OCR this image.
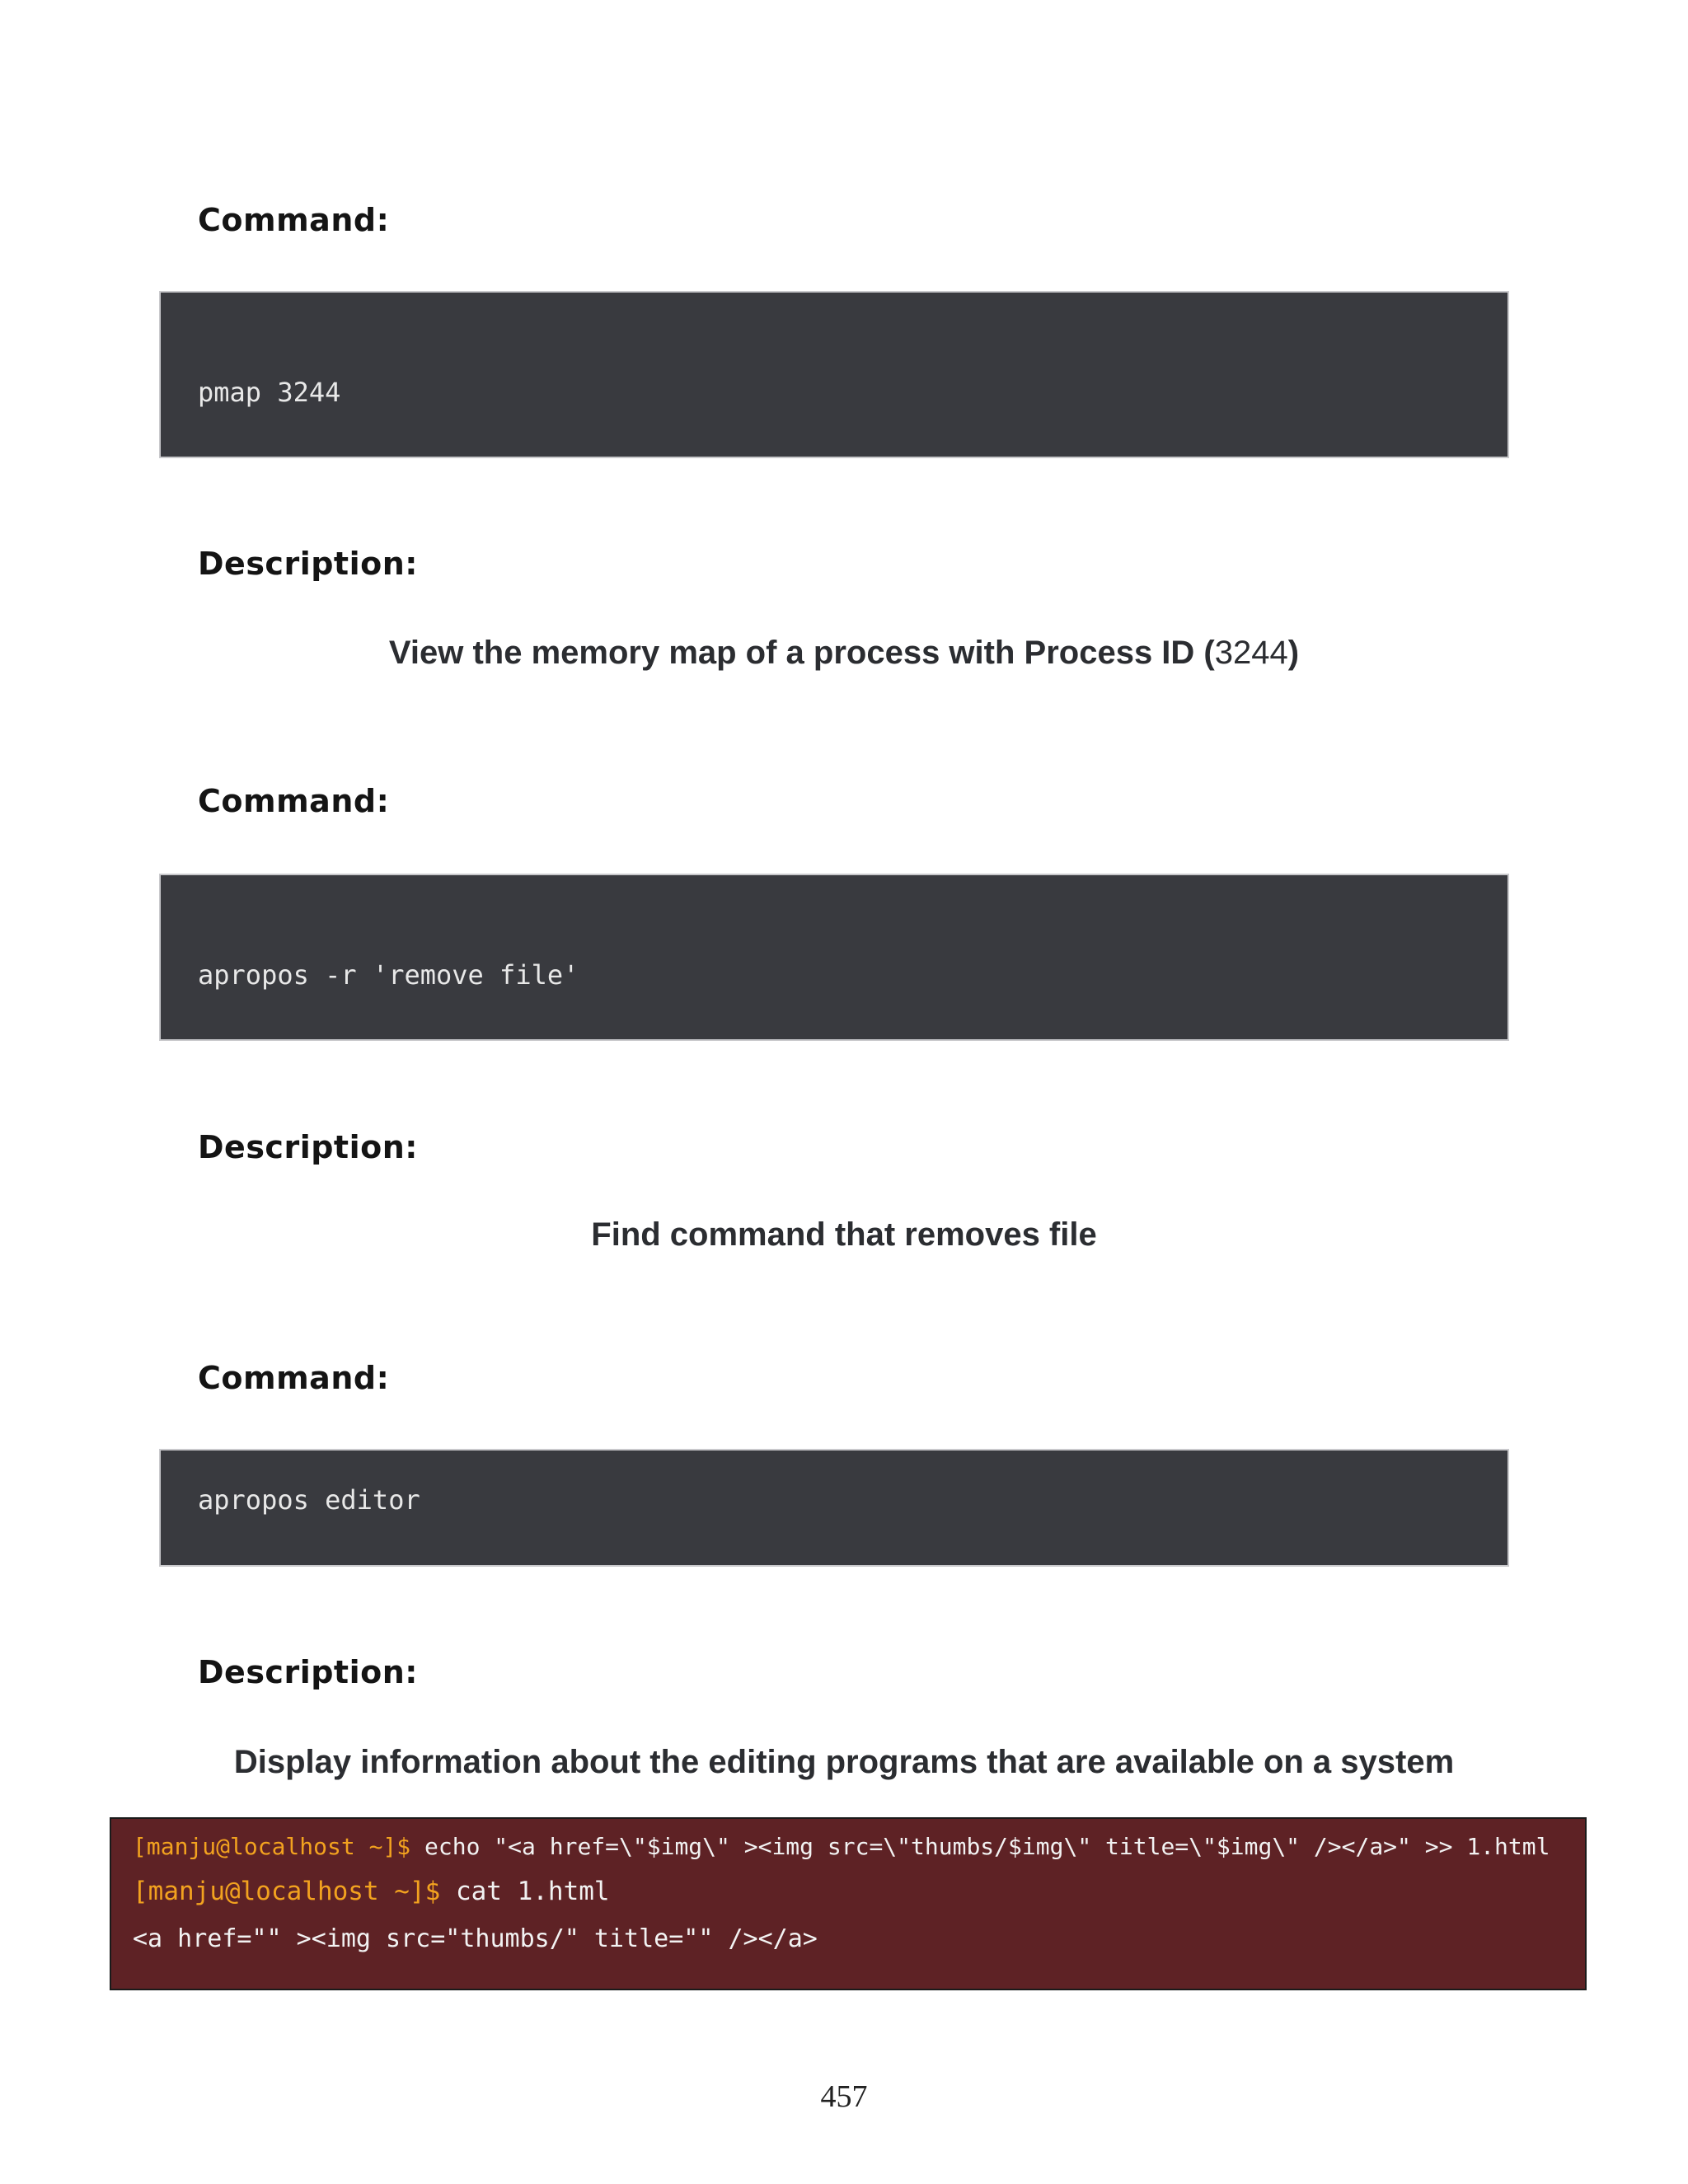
Command:
pmap 3244
Description:
View the memory map of a process with Process ID (3244)
Command:
apropos -r 'remove file'
Description:
Find command that removes file
Command:
apropos editor
Description:
Display information about the editing programs that are available on a system
[manju@localhost ~]$ echo "<a href=\"$img\" ><img src=\"thumbs/$img\" title=\"$img\" /></a>" >> 1.html
[manju@localhost ~]$ cat 1.html
<a href="" ><img src="thumbs/" title="" /></a>
457
